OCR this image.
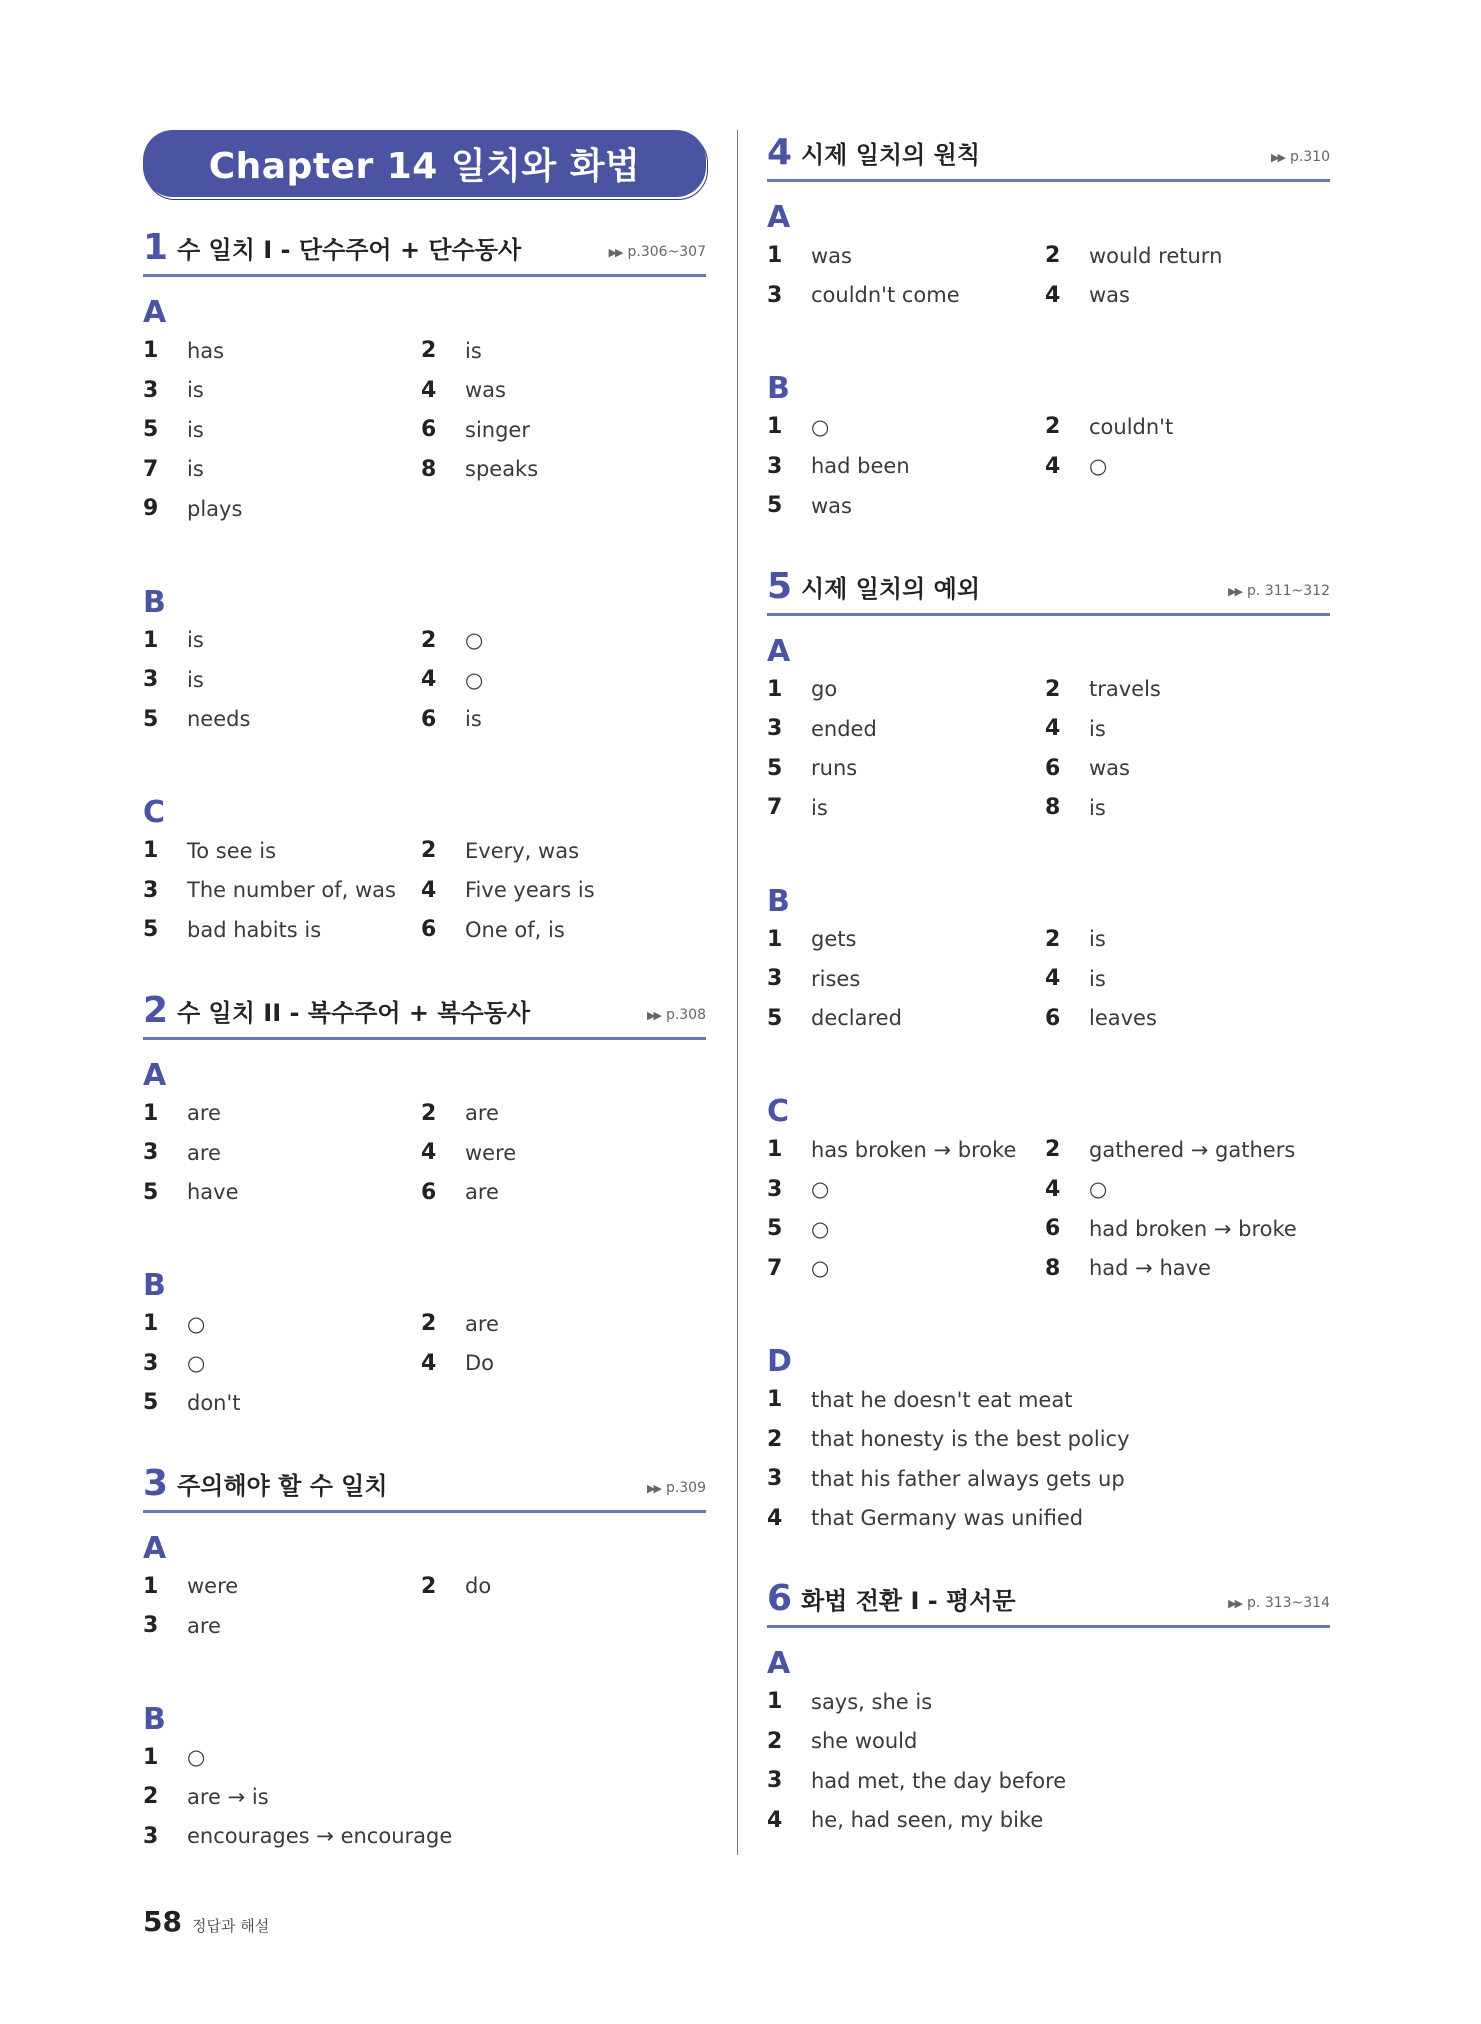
Chapter 14 일치와 화법
1 수 일치 I - 단수주어 + 단수동사	▶▶ p.306~307
A
1	has	2	is
3	is	4	was
5	is	6	singer
7	is	8	speaks
9	plays
B
1	is	2	○
3	is	4	○
5	needs	6	is
C
1	To see is	2	Every, was
3	The number of, was 4	Five years is
5	bad habits is	6	One of, is
2 수 일치 II - 복수주어 + 복수동사	▶▶ p.308
A
1	are	2	are
3	are	4	were
5	have	6	are
B
1	○	2	are
3	○	4	Do
5	don't
3 주의해야 할 수 일치	▶▶ p.309
A
1	were	2	do
3	are
B
1	○
2	are → is
3	encourages → encourage
4 시제 일치의 원칙	▶▶ p.310
A
1	was	2	would return
3	couldn't come	4	was
B
1	○	2	couldn't
3	had been	4	○
5	was
5 시제 일치의 예외	▶▶ p. 311~312
A
1	go	2	travels
3	ended	4	is
5	runs	6	was
7	is	8	is
B
1	gets	2	is
3	rises	4	is
5	declared	6	leaves
C
1	has broken → broke 2	gathered → gathers
3	○	4	○
5	○	6	had broken → broke
7	○	8	had → have
D
1	that he doesn't eat meat
2	that honesty is the best policy
3	that his father always gets up
4	that Germany was unified
6 화법 전환 I - 평서문	▶▶ p. 313~314
A
1	says, she is
2	she would
3	had met, the day before
4	he, had seen, my bike
58 정답과 해설
